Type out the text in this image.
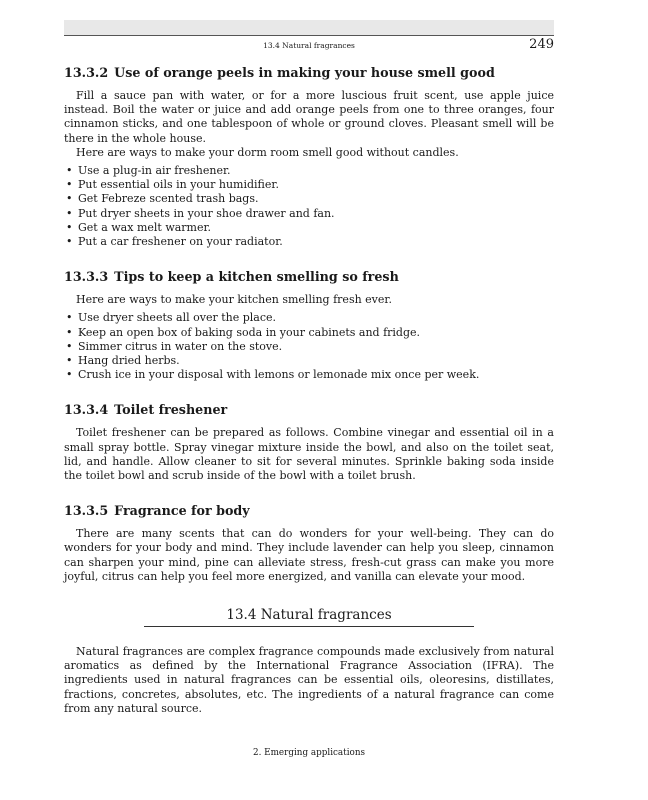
13.4 Natural fragrances	249
13.3.2 Use of orange peels in making your house smell good

Fill a sauce pan with water, or for a more luscious fruit scent, use apple juice instead. Boil the water or juice and add orange peels from one to three oranges, four cinnamon sticks, and one tablespoon of whole or ground cloves. Pleasant smell will be there in the whole house.

Here are ways to make your dorm room smell good without candles.

• Use a plug-in air freshener.
• Put essential oils in your humidifier.
• Get Febreze scented trash bags.
• Put dryer sheets in your shoe drawer and fan.
• Get a wax melt warmer.
• Put a car freshener on your radiator.
13.3.3 Tips to keep a kitchen smelling so fresh

Here are ways to make your kitchen smelling fresh ever.

• Use dryer sheets all over the place.
• Keep an open box of baking soda in your cabinets and fridge.
• Simmer citrus in water on the stove.
• Hang dried herbs.
• Crush ice in your disposal with lemons or lemonade mix once per week.
13.3.4 Toilet freshener

Toilet freshener can be prepared as follows. Combine vinegar and essential oil in a small spray bottle. Spray vinegar mixture inside the bowl, and also on the toilet seat, lid, and handle. Allow cleaner to sit for several minutes. Sprinkle baking soda inside the toilet bowl and scrub inside of the bowl with a toilet brush.

13.3.5 Fragrance for body

There are many scents that can do wonders for your well-being. They can do wonders for your body and mind. They include lavender can help you sleep, cinnamon can sharpen your mind, pine can alleviate stress, fresh-cut grass can make you more joyful, citrus can help you feel more energized, and vanilla can elevate your mood.

13.4 Natural fragrances

Natural fragrances are complex fragrance compounds made exclusively from natural aromatics as defined by the International Fragrance Association (IFRA). The ingredients used in natural fragrances can be essential oils, oleoresins, distillates, fractions, concretes, absolutes, etc. The ingredients of a natural fragrance can come from any natural source.

2. Emerging applications
